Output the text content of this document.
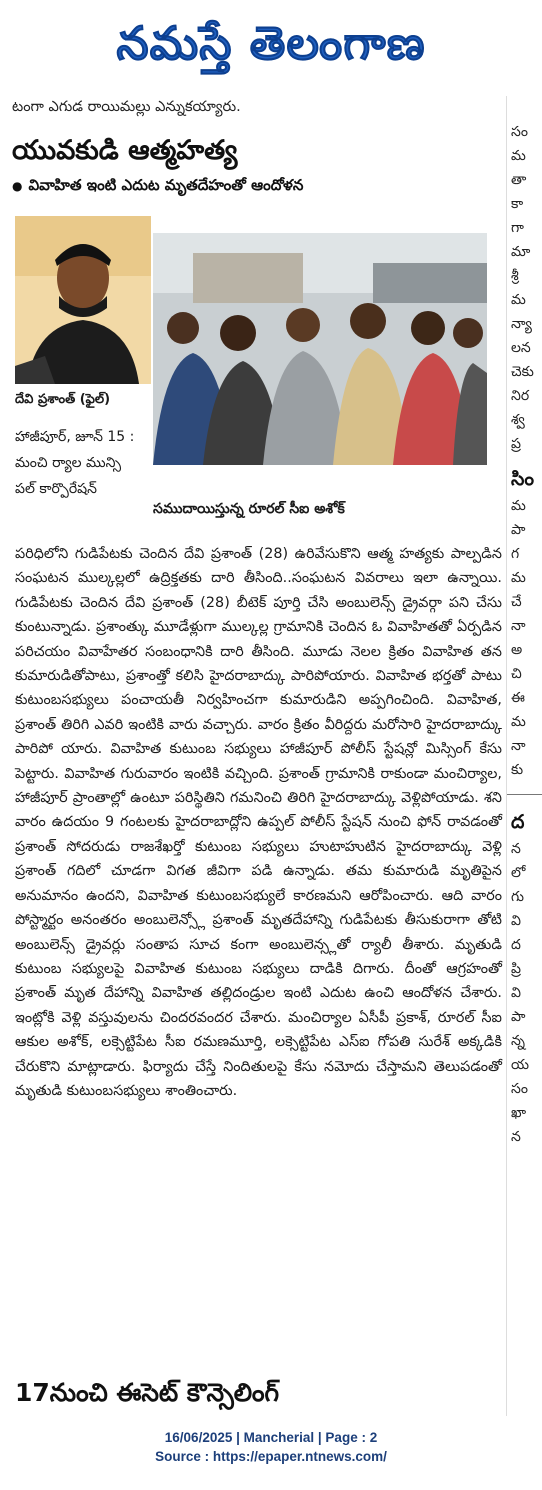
నమస్తే తెలంగాణ
టంగా ఎగుడ రాయిమల్లు ఎన్నుకయ్యారు.
యువకుడి ఆత్మహత్య
● వివాహిత ఇంటి ఎదుట మృతదేహంతో ఆందోళన
దేవి ప్రశాంత్ (ఫైల్)
హాజీపూర్, జూన్ 15 : మంచి ర్యాల మున్సి పల్ కార్పొరేషన్
సముదాయిస్తున్న రూరల్ సీఐ అశోక్
పరిధిలోని గుడిపేటకు చెందిన దేవి ప్రశాంత్ (28) ఉరివేసుకొని ఆత్మ హత్యకు పాల్పడిన సంఘటన ముల్కల్లలో ఉద్రిక్తతకు దారి తీసింది..సంఘటన వివరాలు ఇలా ఉన్నాయి. గుడిపేటకు చెందిన దేవి ప్రశాంత్ (28) బీటెక్ పూర్తి చేసి అంబులెన్స్ డ్రైవర్గా పని చేసు కుంటున్నాడు. ప్రశాంత్కు మూడేళ్లుగా ముల్కల్ల గ్రామానికి చెందిన ఓ వివాహితతో ఏర్పడిన పరిచయం వివాహేతర సంబంధానికి దారి తీసింది. మూడు నెలల క్రితం వివాహిత తన కుమారుడితోపాటు, ప్రశాంత్తో కలిసి హైదరాబాద్కు పారిపోయారు. వివాహిత భర్తతో పాటు కుటుంబసభ్యులు పంచాయతీ నిర్వహించగా కుమారుడిని అప్పగించింది. వివాహిత, ప్రశాంత్ తిరిగి ఎవరి ఇంటికి వారు వచ్చారు. వారం క్రితం వీరిద్దరు మరోసారి హైదరాబాద్కు పారిపో యారు. వివాహిత కుటుంబ సభ్యులు హాజీపూర్ పోలీస్ స్టేషన్లో మిస్సింగ్ కేసు పెట్టారు. వివాహిత గురువారం ఇంటికి వచ్చింది. ప్రశాంత్ గ్రామానికి రాకుండా మంచిర్యాల, హాజీపూర్ ప్రాంతాల్లో ఉంటూ పరిస్థితిని గమనించి తిరిగి హైదరాబాద్కు వెళ్లిపోయాడు. శని వారం ఉదయం 9 గంటలకు హైదరాబాద్లోని ఉప్పల్ పోలీస్ స్టేషన్ నుంచి ఫోన్ రావడంతో ప్రశాంత్ సోదరుడు రాజశేఖర్తో కుటుంబ సభ్యులు హుటాహుటిన హైదరాబాద్కు వెళ్లి ప్రశాంత్ గదిలో చూడగా విగత జీవిగా పడి ఉన్నాడు. తమ కుమారుడి మృతిపైన అనుమానం ఉందని, వివాహిత కుటుంబసభ్యులే కారణమని ఆరోపించారు. ఆది వారం పోస్ట్మార్టం అనంతరం అంబులెన్స్లో ప్రశాంత్ మృతదేహాన్ని గుడిపేటకు తీసుకురాగా తోటి అంబులెన్స్ డ్రైవర్లు సంతాప సూచ కంగా అంబులెన్స్లతో ర్యాలీ తీశారు. మృతుడి కుటుంబ సభ్యులపై వివాహిత కుటుంబ సభ్యులు దాడికి దిగారు. దీంతో ఆగ్రహంతో ప్రశాంత్ మృత దేహాన్ని వివాహిత తల్లిదండ్రుల ఇంటి ఎదుట ఉంచి ఆందోళన చేశారు. ఇంట్లోకి వెళ్లి వస్తువులను చిందరవందర చేశారు. మంచిర్యాల ఏసీపీ ప్రకాశ్, రూరల్ సీఐ ఆకుల అశోక్, లక్సెట్టిపేట సీఐ రమణమూర్తి, లక్సెట్టిపేట ఎస్ఐ గోపతి సురేశ్ అక్కడికి చేరుకొని మాట్లాడారు. ఫిర్యాదు చేస్తే నిందితులపై కేసు నమోదు చేస్తామని తెలుపడంతో మృతుడి కుటుంబసభ్యులు శాంతించారు.
17నుంచి ఈసెట్ కౌన్సెలింగ్

సం
మ
తా
కా
గా
మా
శ్రీ
మ
న్యా
లన
చెకు
నిర
శ్వ
ప్ర
సిం
మ
పా
గ
మ
చే
నా
అ
చి
ఈ
మ
నా
కు
ద
న
లో
గు
వి
ద
ప్రి
వి
పా
న్న
య
సం
ఖా
న
16/06/2025 | Mancherial | Page : 2
Source : https://epaper.ntnews.com/
